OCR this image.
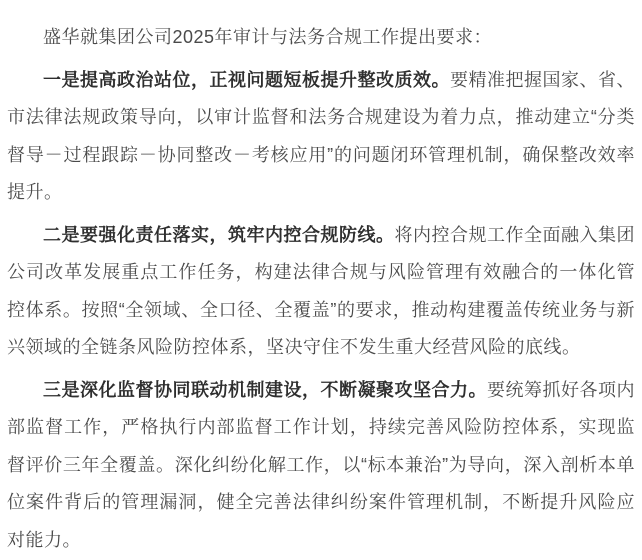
盛华就集团公司2025年审计与法务合规工作提出要求：

一是提高政治站位，正视问题短板提升整改质效。要精准把握国家、省、市法律法规政策导向，以审计监督和法务合规建设为着力点，推动建立“分类督导－过程跟踪－协同整改－考核应用”的问题闭环管理机制，确保整改效率提升。

二是要强化责任落实，筑牢内控合规防线。将内控合规工作全面融入集团公司改革发展重点工作任务，构建法律合规与风险管理有效融合的一体化管控体系。按照“全领域、全口径、全覆盖”的要求，推动构建覆盖传统业务与新兴领域的全链条风险防控体系，坚决守住不发生重大经营风险的底线。

三是深化监督协同联动机制建设，不断凝聚攻坚合力。要统筹抓好各项内部监督工作，严格执行内部监督工作计划，持续完善风险防控体系，实现监督评价三年全覆盖。深化纠纷化解工作，以“标本兼治”为导向，深入剖析本单位案件背后的管理漏洞，健全完善法律纠纷案件管理机制，不断提升风险应对能力。
